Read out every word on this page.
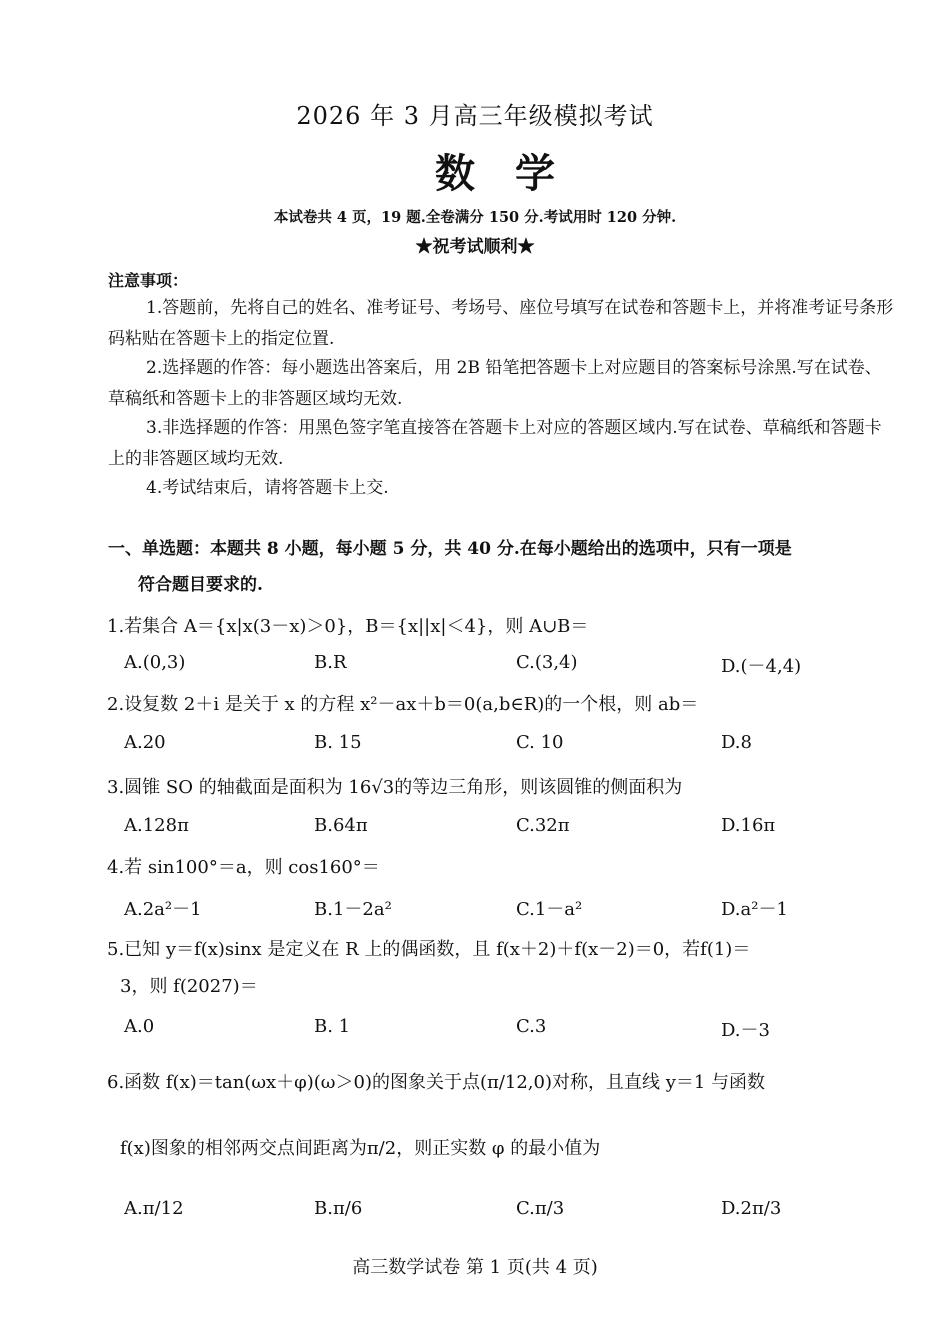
2026 年 3 月高三年级模拟考试
数学
本试卷共 4 页，19 题.全卷满分 150 分.考试用时 120 分钟.
★祝考试顺利★
注意事项：

1.答题前，先将自己的姓名、准考证号、考场号、座位号填写在试卷和答题卡上，并将准考证号条形码粘贴在答题卡上的指定位置.

2.选择题的作答：每小题选出答案后，用 2B 铅笔把答题卡上对应题目的答案标号涂黑.写在试卷、草稿纸和答题卡上的非答题区域均无效.

3.非选择题的作答：用黑色签字笔直接答在答题卡上对应的答题区域内.写在试卷、草稿纸和答题卡上的非答题区域均无效.

4.考试结束后，请将答题卡上交.

一、单选题：本题共 8 小题，每小题 5 分，共 40 分.在每小题给出的选项中，只有一项是
符合题目要求的.
1.若集合 A＝{x|x(3－x)＞0}，B＝{x||x|＜4}，则 A∪B＝
A.(0,3)	B.R	C.(3,4)	D.(－4,4)
2.设复数 2＋i 是关于 x 的方程 x²－ax＋b＝0(a,b∈R)的一个根，则 ab＝
A.20	B. 15	C. 10	D.8
3.圆锥 SO 的轴截面是面积为 16√3的等边三角形，则该圆锥的侧面积为
A.128π	B.64π	C.32π	D.16π
4.若 sin100°＝a，则 cos160°＝
A.2a²－1	B.1－2a²	C.1－a²	D.a²－1
5.已知 y＝f(x)sinx 是定义在 R 上的偶函数，且 f(x＋2)＋f(x－2)＝0，若f(1)＝
3，则 f(2027)＝
A.0	B. 1	C.3	D.－3
6.函数 f(x)＝tan(ωx＋φ)(ω＞0)的图象关于点(π/12,0)对称，且直线 y＝1 与函数
f(x)图象的相邻两交点间距离为π/2，则正实数 φ 的最小值为
A.π/12	B.π/6	C.π/3	D.2π/3
高三数学试卷 第 1 页(共 4 页)
